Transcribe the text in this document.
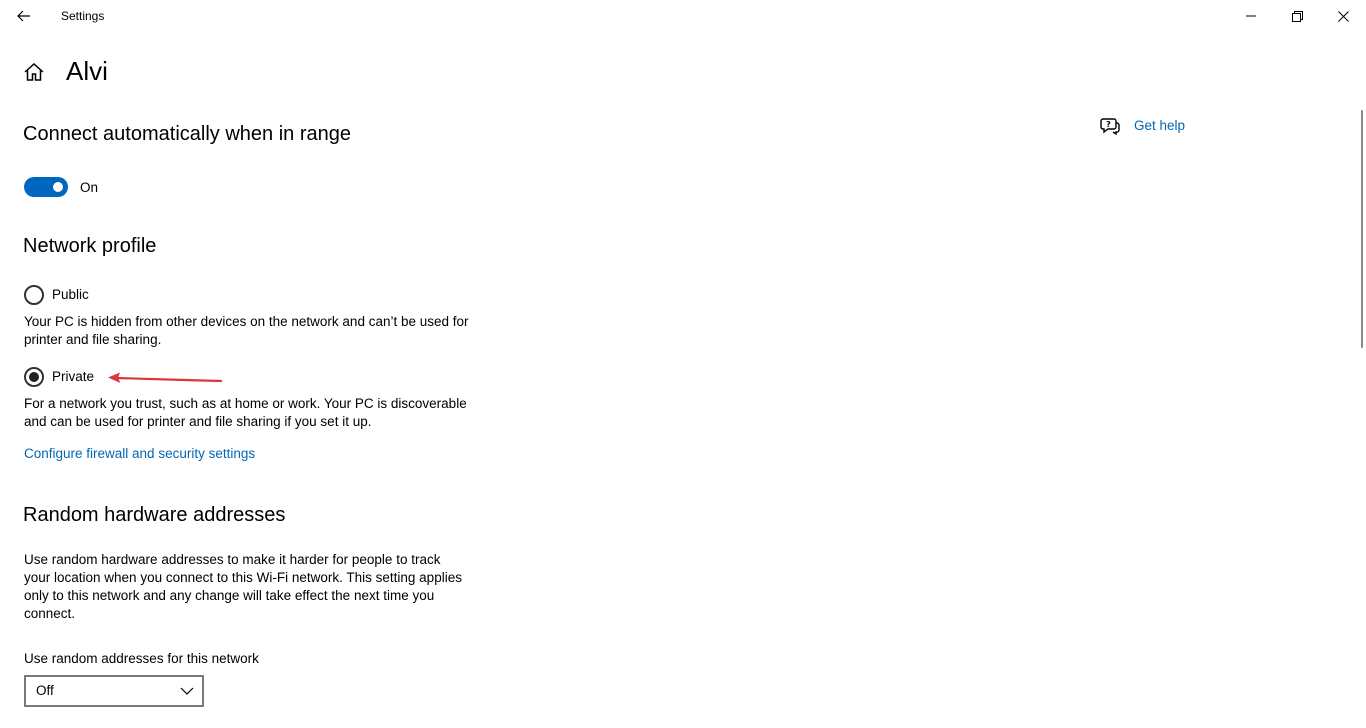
Settings
Alvi
? Get help
Connect automatically when in range
On
Network profile
Public
Your PC is hidden from other devices on the network and can’t be used for printer and file sharing.
Private
For a network you trust, such as at home or work. Your PC is discoverable and can be used for printer and file sharing if you set it up.
Configure firewall and security settings
Random hardware addresses
Use random hardware addresses to make it harder for people to track your location when you connect to this Wi-Fi network. This setting applies only to this network and any change will take effect the next time you connect.
Use random addresses for this network
Off
